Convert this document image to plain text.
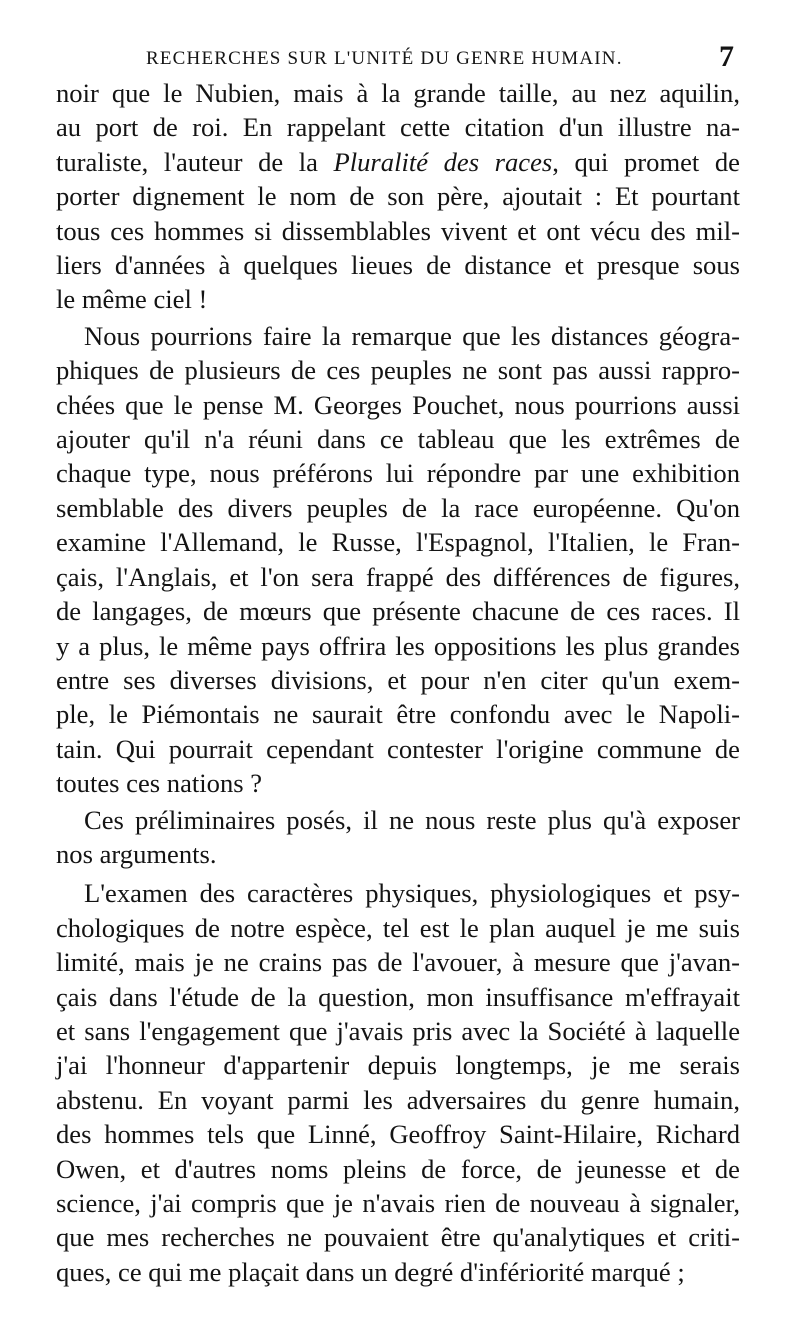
RECHERCHES SUR L'UNITÉ DU GENRE HUMAIN.	7
noir que le Nubien, mais à la grande taille, au nez aquilin,
au port de roi. En rappelant cette citation d'un illustre na-
turaliste, l'auteur de la Pluralité des races, qui promet de
porter dignement le nom de son père, ajoutait : Et pourtant
tous ces hommes si dissemblables vivent et ont vécu des mil-
liers d'années à quelques lieues de distance et presque sous
le même ciel !
Nous pourrions faire la remarque que les distances géogra-
phiques de plusieurs de ces peuples ne sont pas aussi rappro-
chées que le pense M. Georges Pouchet, nous pourrions aussi
ajouter qu'il n'a réuni dans ce tableau que les extrêmes de
chaque type, nous préférons lui répondre par une exhibition
semblable des divers peuples de la race européenne. Qu'on
examine l'Allemand, le Russe, l'Espagnol, l'Italien, le Fran-
çais, l'Anglais, et l'on sera frappé des différences de figures,
de langages, de mœurs que présente chacune de ces races. Il
y a plus, le même pays offrira les oppositions les plus grandes
entre ses diverses divisions, et pour n'en citer qu'un exem-
ple, le Piémontais ne saurait être confondu avec le Napoli-
tain. Qui pourrait cependant contester l'origine commune de
toutes ces nations ?
Ces préliminaires posés, il ne nous reste plus qu'à exposer
nos arguments.
L'examen des caractères physiques, physiologiques et psy-
chologiques de notre espèce, tel est le plan auquel je me suis
limité, mais je ne crains pas de l'avouer, à mesure que j'avan-
çais dans l'étude de la question, mon insuffisance m'effrayait
et sans l'engagement que j'avais pris avec la Société à laquelle
j'ai l'honneur d'appartenir depuis longtemps, je me serais
abstenu. En voyant parmi les adversaires du genre humain,
des hommes tels que Linné, Geoffroy Saint-Hilaire, Richard
Owen, et d'autres noms pleins de force, de jeunesse et de
science, j'ai compris que je n'avais rien de nouveau à signaler,
que mes recherches ne pouvaient être qu'analytiques et criti-
ques, ce qui me plaçait dans un degré d'infériorité marqué ;
